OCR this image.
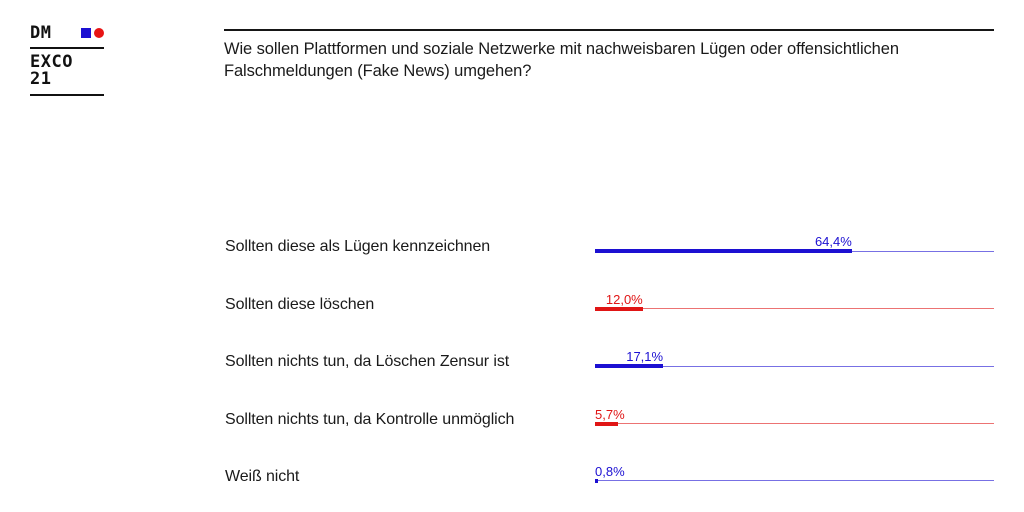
DM
EXCO 21
Wie sollen Plattformen und soziale Netzwerke mit nachweisbaren Lügen oder offensichtlichen Falschmeldungen (Fake News) umgehen?
Sollten diese als Lügen kennzeichnen	64,4%
Sollten diese löschen	12,0%
Sollten nichts tun, da Löschen Zensur ist	17,1%
Sollten nichts tun, da Kontrolle unmöglich	5,7%
Weiß nicht	0,8%
